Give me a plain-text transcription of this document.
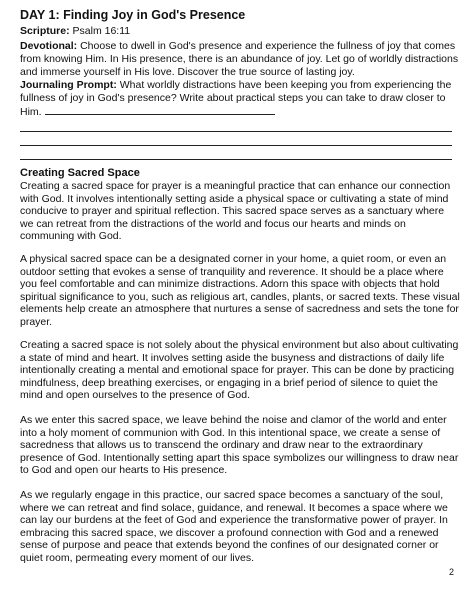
DAY 1: Finding Joy in God's Presence
Scripture: Psalm 16:11
Devotional: Choose to dwell in God's presence and experience the fullness of joy that comes from knowing Him. In His presence, there is an abundance of joy. Let go of worldly distractions and immerse yourself in His love. Discover the true source of lasting joy.
Journaling Prompt: What worldly distractions have been keeping you from experiencing the fullness of joy in God's presence? Write about practical steps you can take to draw closer to Him.
Creating Sacred Space

Creating a sacred space for prayer is a meaningful practice that can enhance our connection with God. It involves intentionally setting aside a physical space or cultivating a state of mind conducive to prayer and spiritual reflection. This sacred space serves as a sanctuary where we can retreat from the distractions of the world and focus our hearts and minds on communing with God.

A physical sacred space can be a designated corner in your home, a quiet room, or even an outdoor setting that evokes a sense of tranquility and reverence. It should be a place where you feel comfortable and can minimize distractions. Adorn this space with objects that hold spiritual significance to you, such as religious art, candles, plants, or sacred texts. These visual elements help create an atmosphere that nurtures a sense of sacredness and sets the tone for prayer.

Creating a sacred space is not solely about the physical environment but also about cultivating a state of mind and heart. It involves setting aside the busyness and distractions of daily life intentionally creating a mental and emotional space for prayer. This can be done by practicing mindfulness, deep breathing exercises, or engaging in a brief period of silence to quiet the mind and open ourselves to the presence of God.

As we enter this sacred space, we leave behind the noise and clamor of the world and enter into a holy moment of communion with God. In this intentional space, we create a sense of sacredness that allows us to transcend the ordinary and draw near to the extraordinary presence of God. Intentionally setting apart this space symbolizes our willingness to draw near to God and open our hearts to His presence.

As we regularly engage in this practice, our sacred space becomes a sanctuary of the soul, where we can retreat and find solace, guidance, and renewal. It becomes a space where we can lay our burdens at the feet of God and experience the transformative power of prayer. In embracing this sacred space, we discover a profound connection with God and a renewed sense of purpose and peace that extends beyond the confines of our designated corner or quiet room, permeating every moment of our lives.

2
